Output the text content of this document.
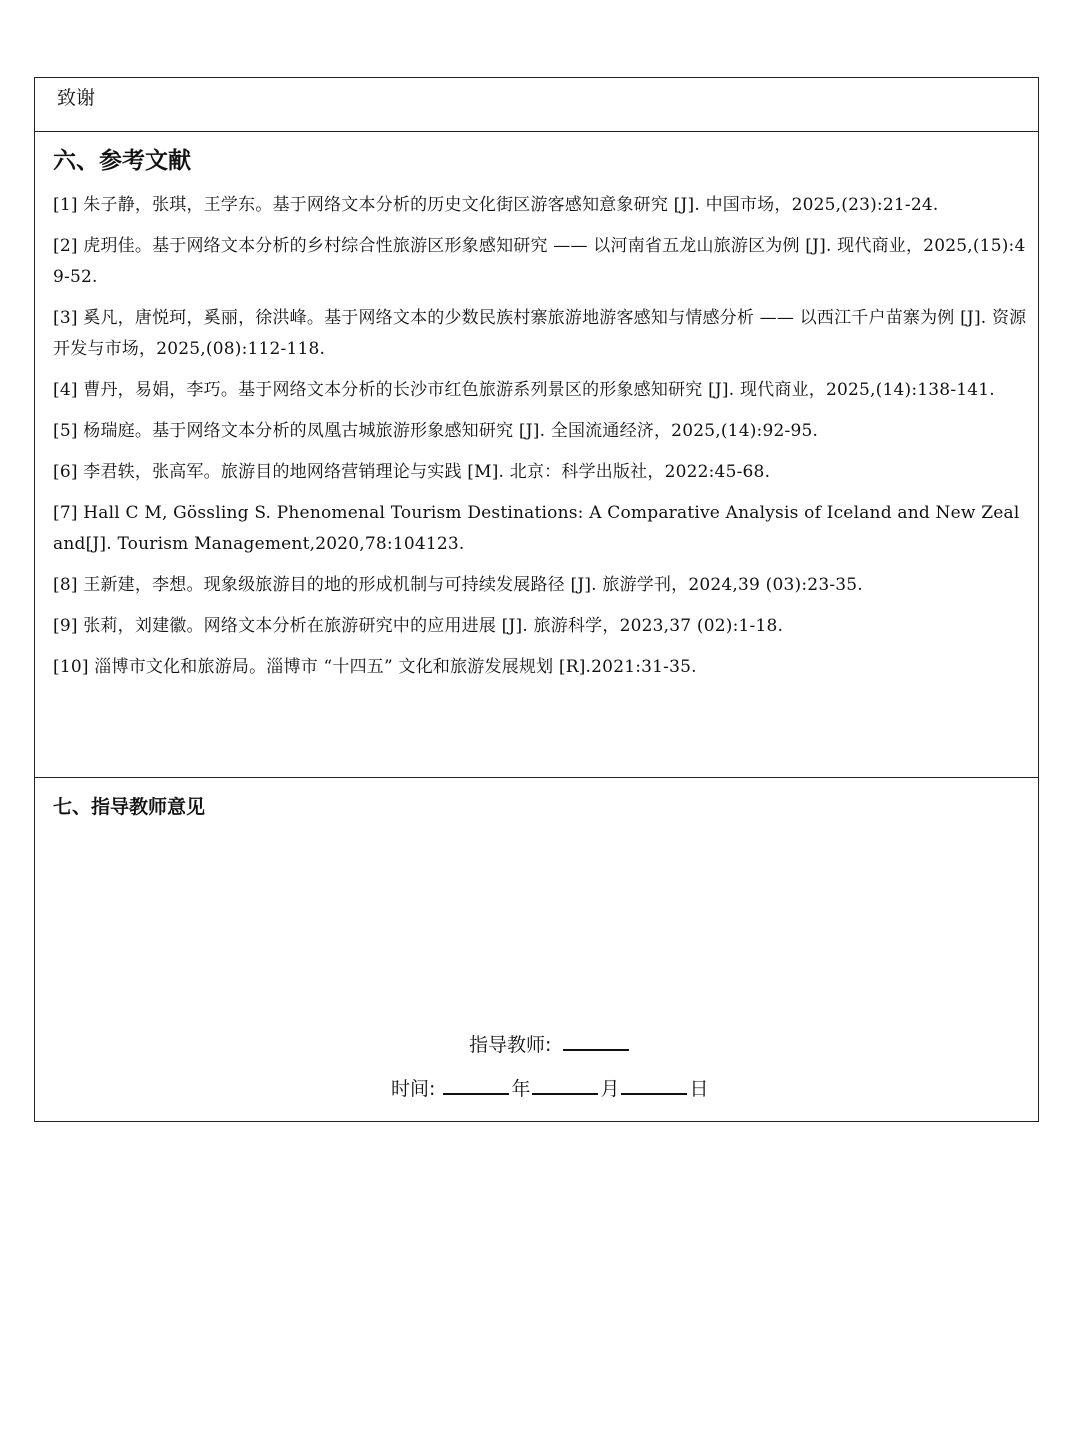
致谢
六、参考文献
[1] 朱子静，张琪，王学东。基于网络文本分析的历史文化街区游客感知意象研究 [J]. 中国市场，2025,(23):21-24.
[2] 虎玥佳。基于网络文本分析的乡村综合性旅游区形象感知研究 —— 以河南省五龙山旅游区为例 [J]. 现代商业，2025,(15):49-52.
[3] 奚凡，唐悦珂，奚丽，徐洪峰。基于网络文本的少数民族村寨旅游地游客感知与情感分析 —— 以西江千户苗寨为例 [J]. 资源开发与市场，2025,(08):112-118.
[4] 曹丹，易娟，李巧。基于网络文本分析的长沙市红色旅游系列景区的形象感知研究 [J]. 现代商业，2025,(14):138-141.
[5] 杨瑞庭。基于网络文本分析的凤凰古城旅游形象感知研究 [J]. 全国流通经济，2025,(14):92-95.
[6] 李君轶，张高军。旅游目的地网络营销理论与实践 [M]. 北京：科学出版社，2022:45-68.
[7] Hall C M, Gössling S. Phenomenal Tourism Destinations: A Comparative Analysis of Iceland and New Zealand[J]. Tourism Management,2020,78:104123.
[8] 王新建，李想。现象级旅游目的地的形成机制与可持续发展路径 [J]. 旅游学刊，2024,39 (03):23-35.
[9] 张莉，刘建徽。网络文本分析在旅游研究中的应用进展 [J]. 旅游科学，2023,37 (02):1-18.
[10] 淄博市文化和旅游局。淄博市 “十四五” 文化和旅游发展规划 [R].2021:31-35.
七、指导教师意见
指导教师:
时间:	年	月	日
